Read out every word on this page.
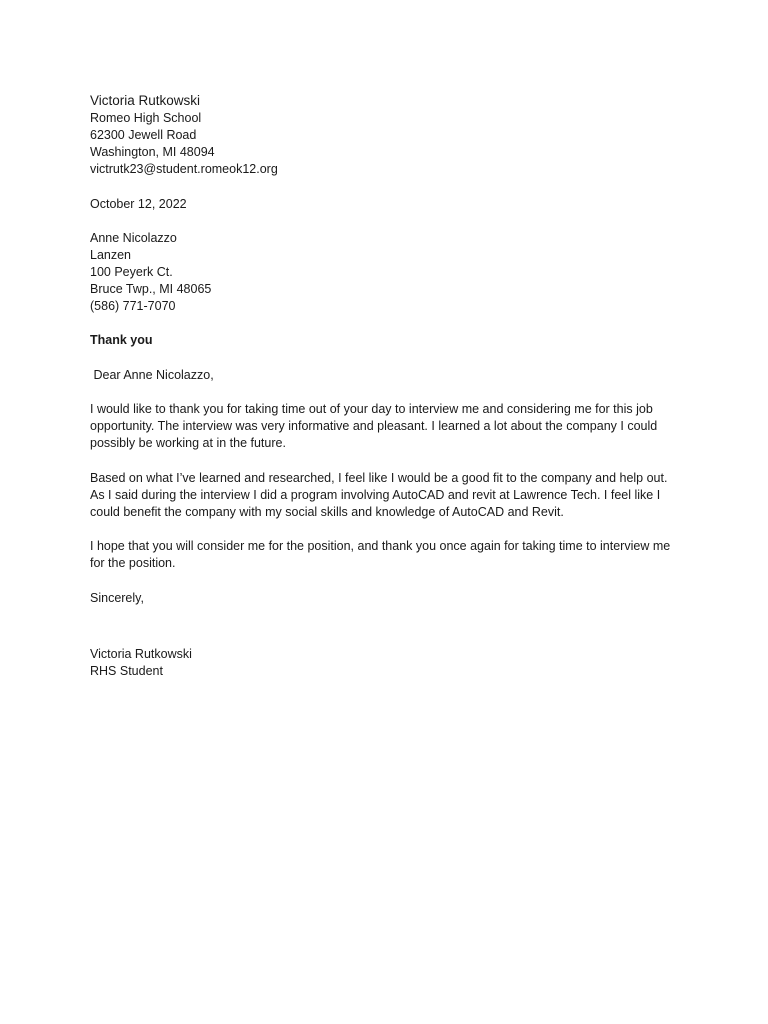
Victoria Rutkowski
Romeo High School
62300 Jewell Road
Washington, MI 48094
victrutk23@student.romeok12.org
October 12, 2022
Anne Nicolazzo
Lanzen
100 Peyerk Ct.
Bruce Twp., MI 48065
(586) 771-7070
Thank you
Dear Anne Nicolazzo,
I would like to thank you for taking time out of your day to interview me and considering me for this job
opportunity. The interview was very informative and pleasant. I learned a lot about the company I could
possibly be working at in the future.
Based on what I’ve learned and researched, I feel like I would be a good fit to the company and help out.
As I said during the interview I did a program involving AutoCAD and revit at Lawrence Tech. I feel like I
could benefit the company with my social skills and knowledge of AutoCAD and Revit.
I hope that you will consider me for the position, and thank you once again for taking time to interview me
for the position.
Sincerely,
Victoria Rutkowski
RHS Student
